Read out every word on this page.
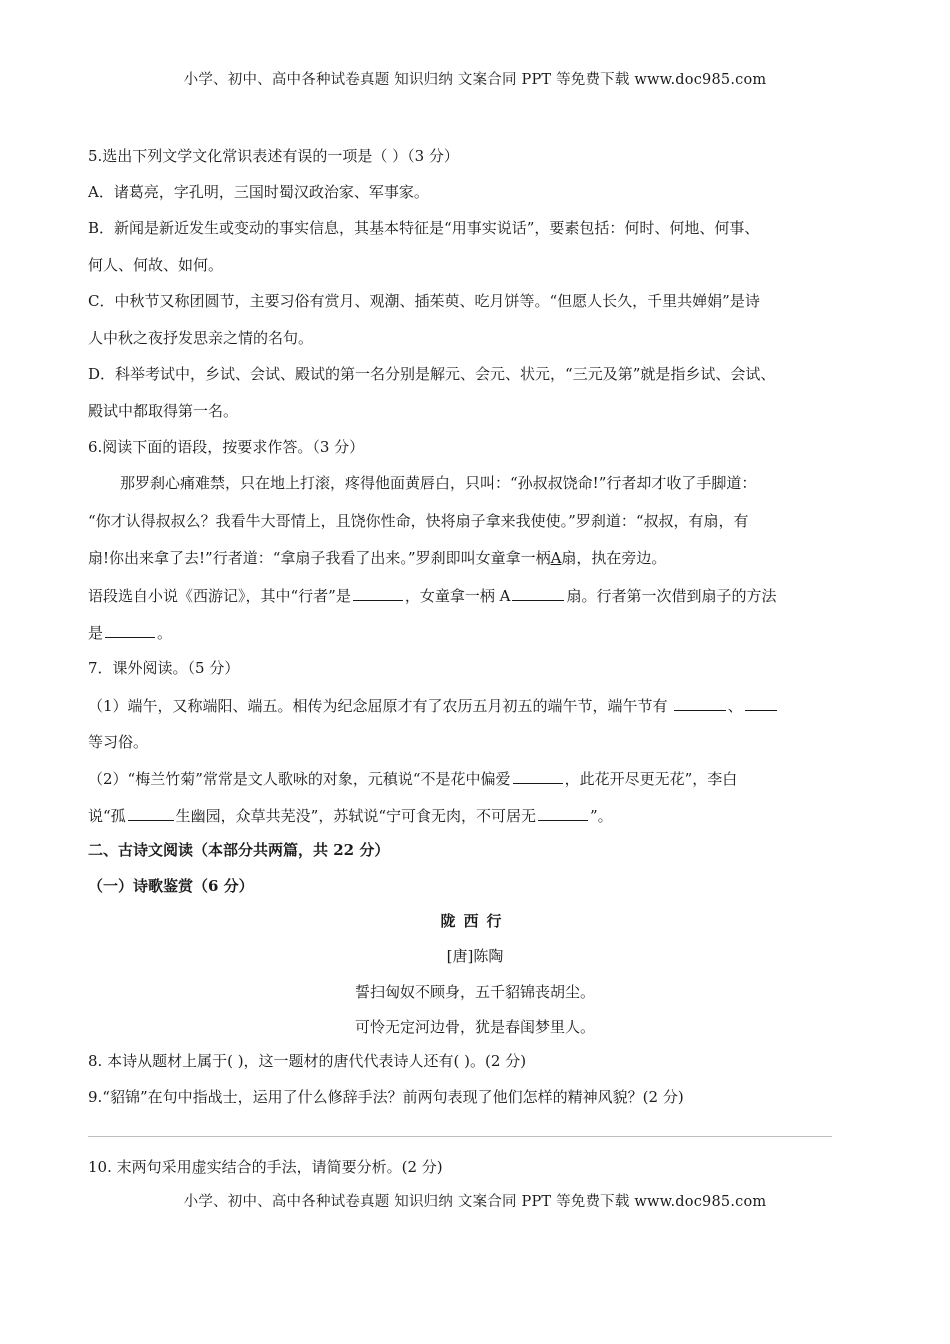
小学、初中、高中各种试卷真题 知识归纳 文案合同 PPT 等免费下载 www.doc985.com
5.选出下列文学文化常识表述有误的一项是（ ）（3 分）
A．诸葛亮，字孔明，三国时蜀汉政治家、军事家。
B．新闻是新近发生或变动的事实信息，其基本特征是“用事实说话”，要素包括：何时、何地、何事、
何人、何故、如何。
C．中秋节又称团圆节，主要习俗有赏月、观潮、插茱萸、吃月饼等。“但愿人长久，千里共婵娟”是诗
人中秋之夜抒发思亲之情的名句。
D．科举考试中，乡试、会试、殿试的第一名分别是解元、会元、状元，“三元及第”就是指乡试、会试、
殿试中都取得第一名。
6.阅读下面的语段，按要求作答。（3 分）
那罗刹心痛难禁，只在地上打滚，疼得他面黄唇白，只叫：“孙叔叔饶命!”行者却才收了手脚道：
“你才认得叔叔么？我看牛大哥情上，且饶你性命，快将扇子拿来我使使。”罗刹道：“叔叔，有扇，有
扇!你出来拿了去!”行者道：“拿扇子我看了出来。”罗刹即叫女童拿一柄A扇，执在旁边。
语段选自小说《西游记》，其中“行者”是	，女童拿一柄 A	扇。行者第一次借到扇子的方法
是	。
7．课外阅读。（5 分）
（1）端午，又称端阳、端五。相传为纪念屈原才有了农历五月初五的端午节，端午节有	、
等习俗。
（2）“梅兰竹菊”常常是文人歌咏的对象，元稹说“不是花中偏爱	，此花开尽更无花”，李白
说“孤	生幽园，众草共芜没”，苏轼说“宁可食无肉，不可居无	”。
二、古诗文阅读（本部分共两篇，共 22 分）
（一）诗歌鉴赏（6 分）
陇西行
[唐]陈陶
誓扫匈奴不顾身，五千貂锦丧胡尘。
可怜无定河边骨，犹是春闺梦里人。
8. 本诗从题材上属于( )，这一题材的唐代代表诗人还有( )。(2 分)
9.“貂锦”在句中指战士，运用了什么修辞手法？前两句表现了他们怎样的精神风貌？(2 分)
10. 末两句采用虚实结合的手法，请简要分析。(2 分)
小学、初中、高中各种试卷真题 知识归纳 文案合同 PPT 等免费下载 www.doc985.com
